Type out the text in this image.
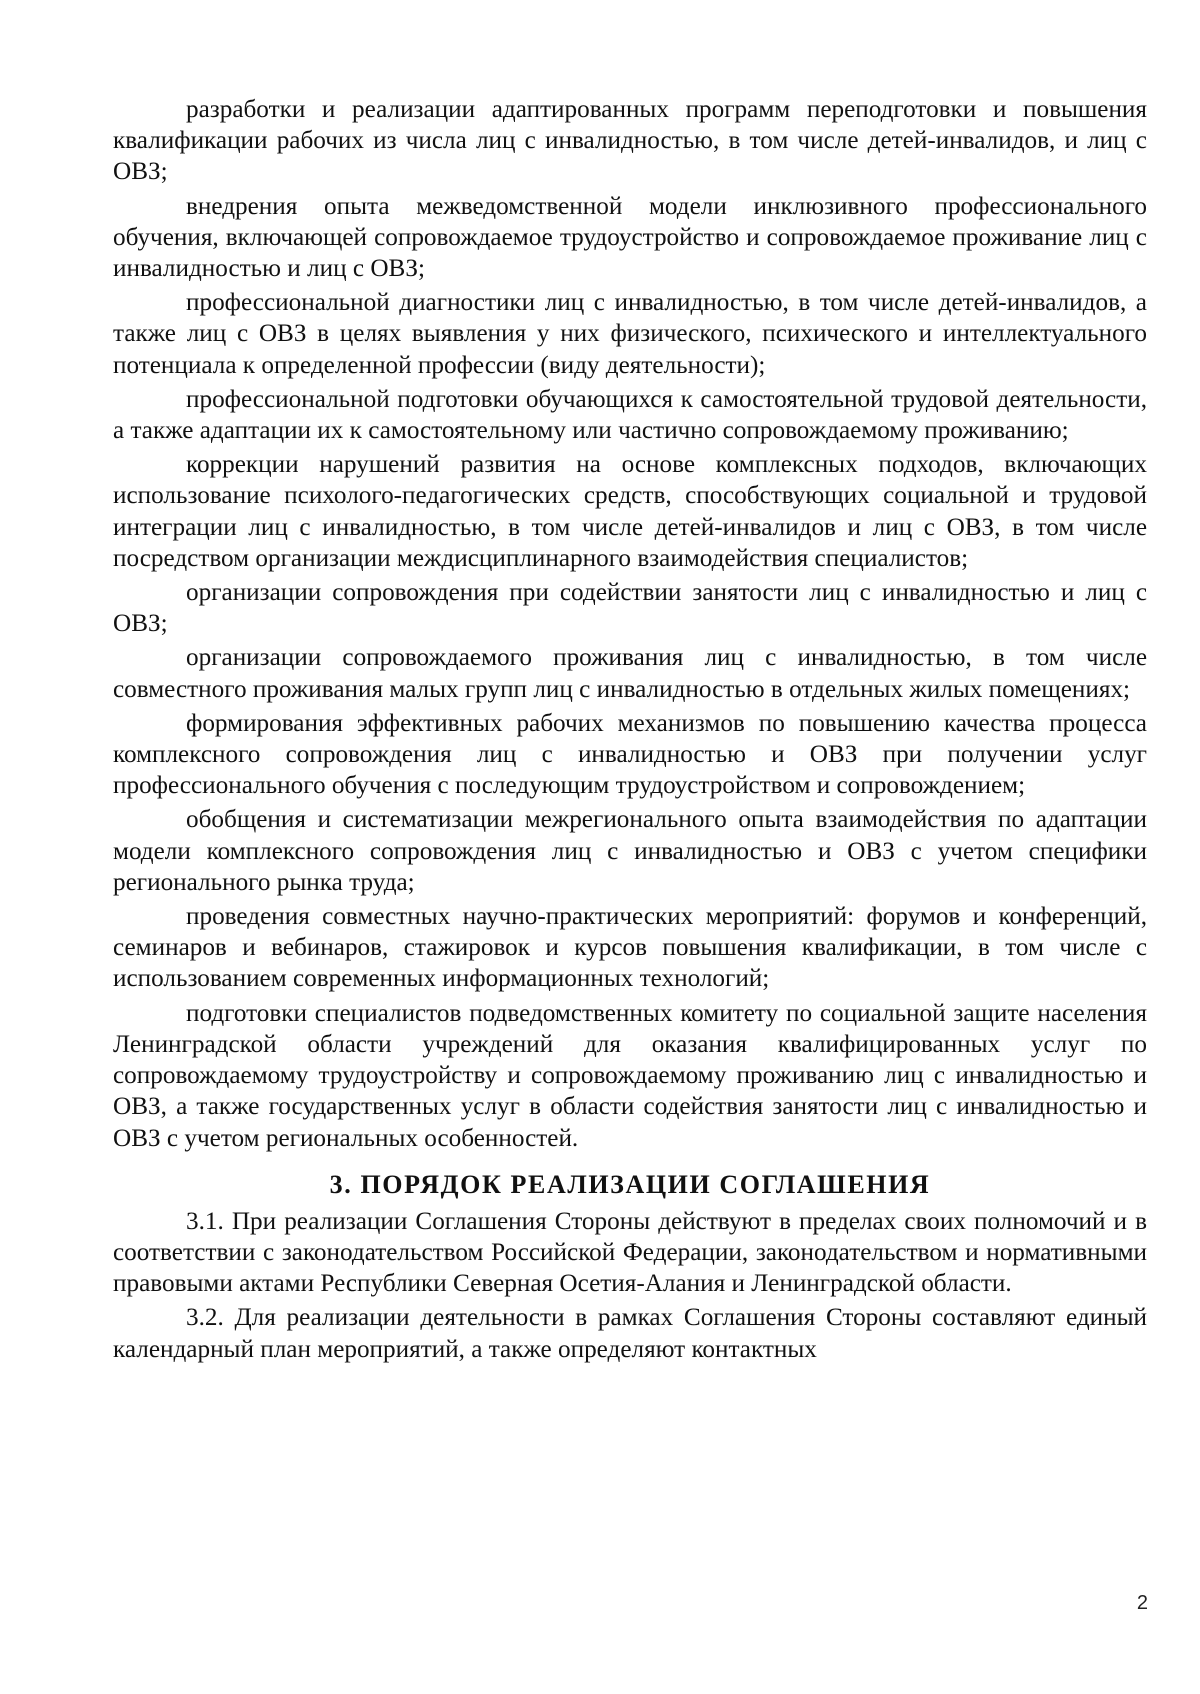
разработки и реализации адаптированных программ переподготовки и повышения квалификации рабочих из числа лиц с инвалидностью, в том числе детей-инвалидов, и лиц с ОВЗ;

внедрения опыта межведомственной модели инклюзивного профессионального обучения, включающей сопровождаемое трудоустройство и сопровождаемое проживание лиц с инвалидностью и лиц с ОВЗ;

профессиональной диагностики лиц с инвалидностью, в том числе детей-инвалидов, а также лиц с ОВЗ в целях выявления у них физического, психического и интеллектуального потенциала к определенной профессии (виду деятельности);

профессиональной подготовки обучающихся к самостоятельной трудовой деятельности, а также адаптации их к самостоятельному или частично сопровождаемому проживанию;

коррекции нарушений развития на основе комплексных подходов, включающих использование психолого-педагогических средств, способствующих социальной и трудовой интеграции лиц с инвалидностью, в том числе детей-инвалидов и лиц с ОВЗ, в том числе посредством организации междисциплинарного взаимодействия специалистов;

организации сопровождения при содействии занятости лиц с инвалидностью и лиц с ОВЗ;

организации сопровождаемого проживания лиц с инвалидностью, в том числе совместного проживания малых групп лиц с инвалидностью в отдельных жилых помещениях;

формирования эффективных рабочих механизмов по повышению качества процесса комплексного сопровождения лиц с инвалидностью и ОВЗ при получении услуг профессионального обучения с последующим трудоустройством и сопровождением;

обобщения и систематизации межрегионального опыта взаимодействия по адаптации модели комплексного сопровождения лиц с инвалидностью и ОВЗ с учетом специфики регионального рынка труда;

проведения совместных научно-практических мероприятий: форумов и конференций, семинаров и вебинаров, стажировок и курсов повышения квалификации, в том числе с использованием современных информационных технологий;

подготовки специалистов подведомственных комитету по социальной защите населения Ленинградской области учреждений для оказания квалифицированных услуг по сопровождаемому трудоустройству и сопровождаемому проживанию лиц с инвалидностью и ОВЗ, а также государственных услуг в области содействия занятости лиц с инвалидностью и ОВЗ с учетом региональных особенностей.

3. ПОРЯДОК РЕАЛИЗАЦИИ СОГЛАШЕНИЯ

3.1. При реализации Соглашения Стороны действуют в пределах своих полномочий и в соответствии с законодательством Российской Федерации, законодательством и нормативными правовыми актами Республики Северная Осетия-Алания и Ленинградской области.

3.2. Для реализации деятельности в рамках Соглашения Стороны составляют единый календарный план мероприятий, а также определяют контактных

2
